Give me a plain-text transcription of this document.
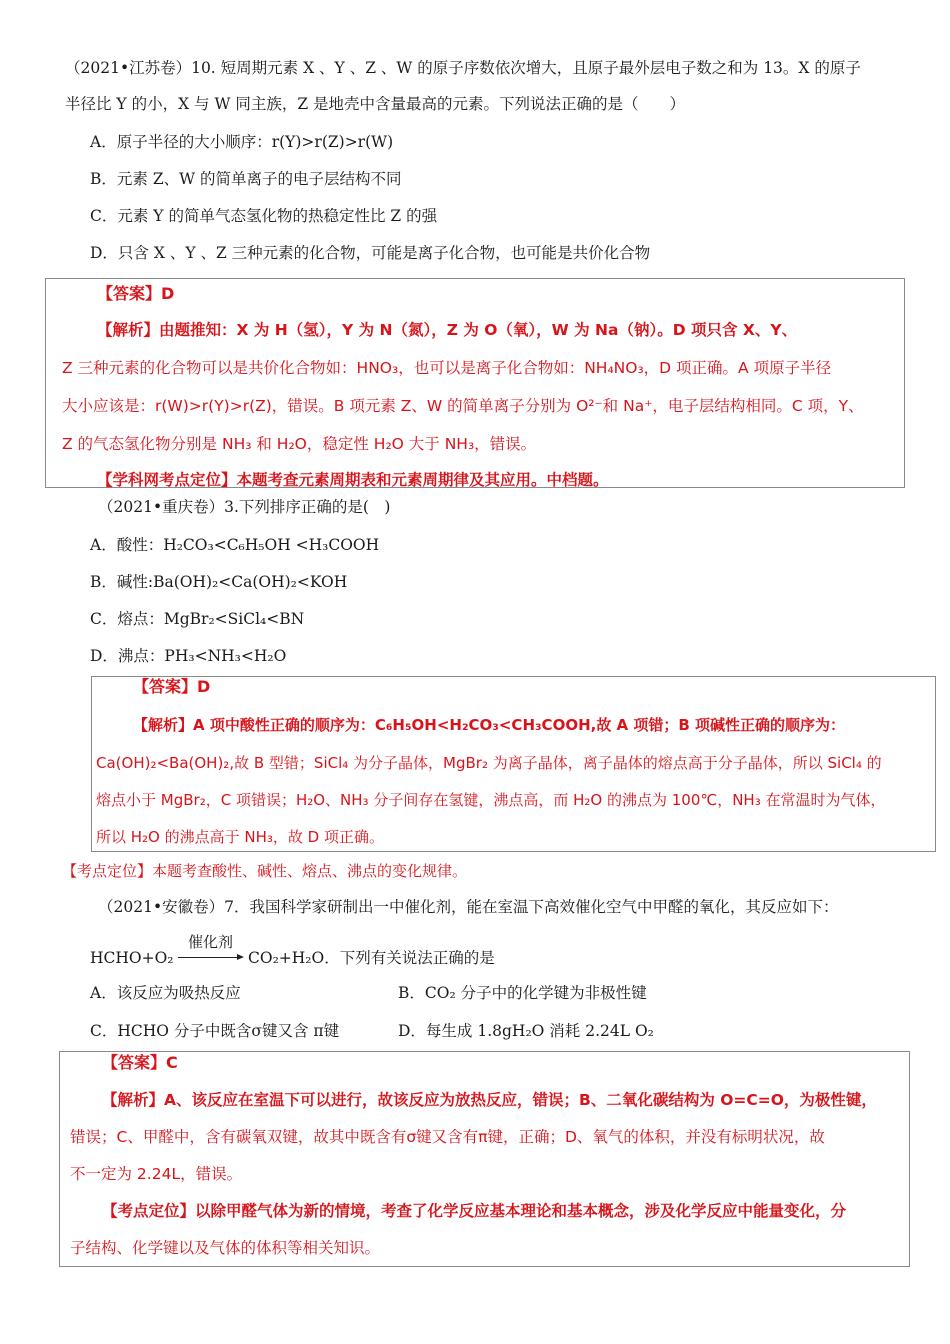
（2021•江苏卷）10. 短周期元素 X 、Y 、Z 、W 的原子序数依次增大，且原子最外层电子数之和为 13。X 的原子
半径比 Y 的小，X 与 W 同主族，Z 是地壳中含量最高的元素。下列说法正确的是（　　）
A．原子半径的大小顺序：r(Y)>r(Z)>r(W)
B．元素 Z、W 的简单离子的电子层结构不同
C．元素 Y 的简单气态氢化物的热稳定性比 Z 的强
D．只含 X 、Y 、Z 三种元素的化合物，可能是离子化合物，也可能是共价化合物
【答案】D
【解析】由题推知：X 为 H（氢），Y 为 N（氮），Z 为 O（氧），W 为 Na（钠）。D 项只含 X、Y、
Z 三种元素的化合物可以是共价化合物如：HNO₃，也可以是离子化合物如：NH₄NO₃，D 项正确。A 项原子半径
大小应该是：r(W)>r(Y)>r(Z)，错误。B 项元素 Z、W 的简单离子分别为 O²⁻和 Na⁺，电子层结构相同。C 项，Y、
Z 的气态氢化物分别是 NH₃ 和 H₂O，稳定性 H₂O 大于 NH₃，错误。
【学科网考点定位】本题考查元素周期表和元素周期律及其应用。中档题。
（2021•重庆卷）3.下列排序正确的是(　)
A．酸性：H₂CO₃<C₆H₅OH <H₃COOH
B．碱性:Ba(OH)₂<Ca(OH)₂<KOH
C．熔点：MgBr₂<SiCl₄<BN
D．沸点：PH₃<NH₃<H₂O
【答案】D
【解析】A 项中酸性正确的顺序为：C₆H₅OH<H₂CO₃<CH₃COOH,故 A 项错；B 项碱性正确的顺序为：
Ca(OH)₂<Ba(OH)₂,故 B 型错；SiCl₄ 为分子晶体，MgBr₂ 为离子晶体，离子晶体的熔点高于分子晶体，所以 SiCl₄ 的
熔点小于 MgBr₂，C 项错误；H₂O、NH₃ 分子间存在氢键，沸点高，而 H₂O 的沸点为 100℃，NH₃ 在常温时为气体，
所以 H₂O 的沸点高于 NH₃，故 D 项正确。
【考点定位】本题考查酸性、碱性、熔点、沸点的变化规律。
（2021•安徽卷）7．我国科学家研制出一中催化剂，能在室温下高效催化空气中甲醛的氧化，其反应如下：
HCHO+O₂
催化剂
CO₂+H₂O．下列有关说法正确的是
A．该反应为吸热反应	B．CO₂ 分子中的化学键为非极性键
C．HCHO 分子中既含σ键又含 π键	D．每生成 1.8gH₂O 消耗 2.24L O₂
【答案】C
【解析】A、该反应在室温下可以进行，故该反应为放热反应，错误；B、二氧化碳结构为 O=C=O，为极性键，
错误；C、甲醛中，含有碳氧双键，故其中既含有σ键又含有π键，正确；D、氧气的体积，并没有标明状况，故
不一定为 2.24L，错误。
【考点定位】以除甲醛气体为新的情境，考查了化学反应基本理论和基本概念，涉及化学反应中能量变化，分
子结构、化学键以及气体的体积等相关知识。
